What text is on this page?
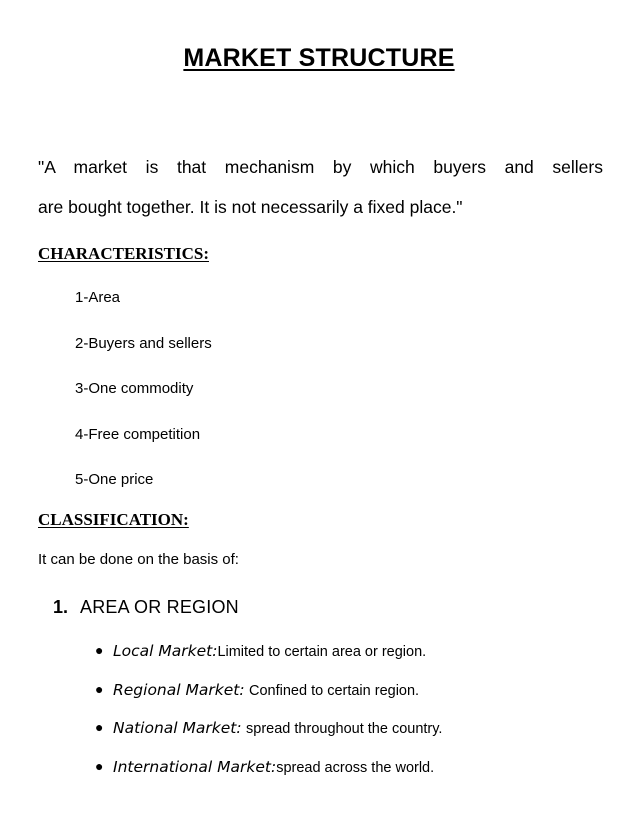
MARKET STRUCTURE

"A market is that mechanism by which buyers and sellers
are bought together. It is not necessarily a fixed place."

CHARACTERISTICS:
1-Area
2-Buyers and sellers
3-One commodity
4-Free competition
5-One price
CLASSIFICATION:
It can be done on the basis of:
1. AREA OR REGION
● Local Market:Limited to certain area or region.
● Regional Market: Confined to certain region.
● National Market: spread throughout the country.
● International Market:spread across the world.
